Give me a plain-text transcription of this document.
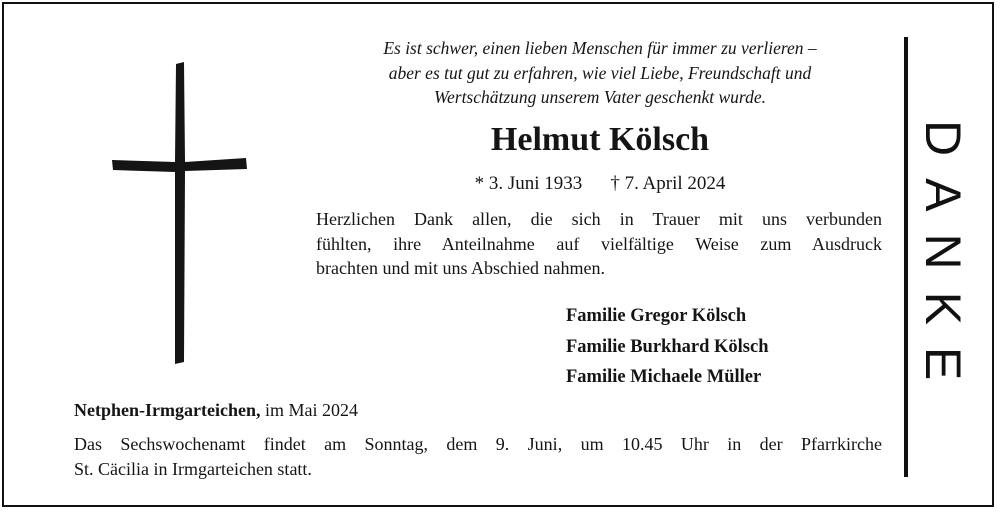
Es ist schwer, einen lieben Menschen für immer zu verlieren –
aber es tut gut zu erfahren, wie viel Liebe, Freundschaft und
Wertschätzung unserem Vater geschenkt wurde.
Helmut Kölsch
* 3. Juni 1933 † 7. April 2024
Herzlichen Dank allen, die sich in Trauer mit uns verbunden
fühlten, ihre Anteilnahme auf vielfältige Weise zum Ausdruck
brachten und mit uns Abschied nahmen.
Familie Gregor Kölsch
Familie Burkhard Kölsch
Familie Michaele Müller
Netphen-Irmgarteichen, im Mai 2024
Das Sechswochenamt findet am Sonntag, dem 9. Juni, um 10.45 Uhr in der Pfarrkirche
St. Cäcilia in Irmgarteichen statt.
DANKE
